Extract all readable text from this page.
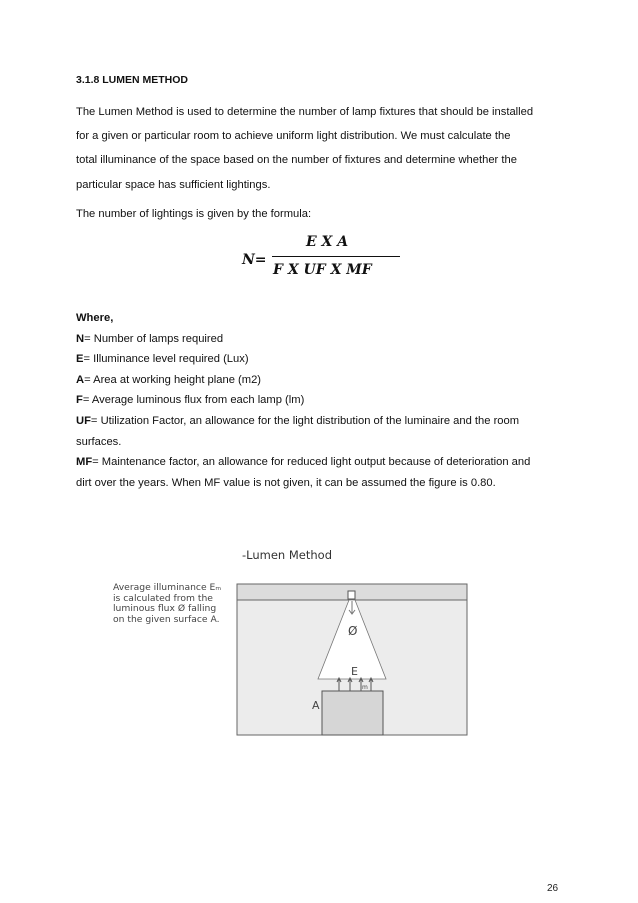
3.1.8 LUMEN METHOD
The Lumen Method is used to determine the number of lamp fixtures that should be installed
for a given or particular room to achieve uniform light distribution. We must calculate the
total illuminance of the space based on the number of fixtures and determine whether the
particular space has sufficient lightings.
The number of lightings is given by the formula:
N=
E X A
F X UF X MF
Where,
N= Number of lamps required
E= Illuminance level required (Lux)
A= Area at working height plane (m2)
F= Average luminous flux from each lamp (lm)
UF= Utilization Factor, an allowance for the light distribution of the luminaire and the room
surfaces.
MF= Maintenance factor, an allowance for reduced light output because of deterioration and
dirt over the years. When MF value is not given, it can be assumed the figure is 0.80.
-Lumen Method
Average illuminance Eₘ
is calculated from the
luminous flux Ø falling
on the given surface A.
Ø
E
m
A
26
